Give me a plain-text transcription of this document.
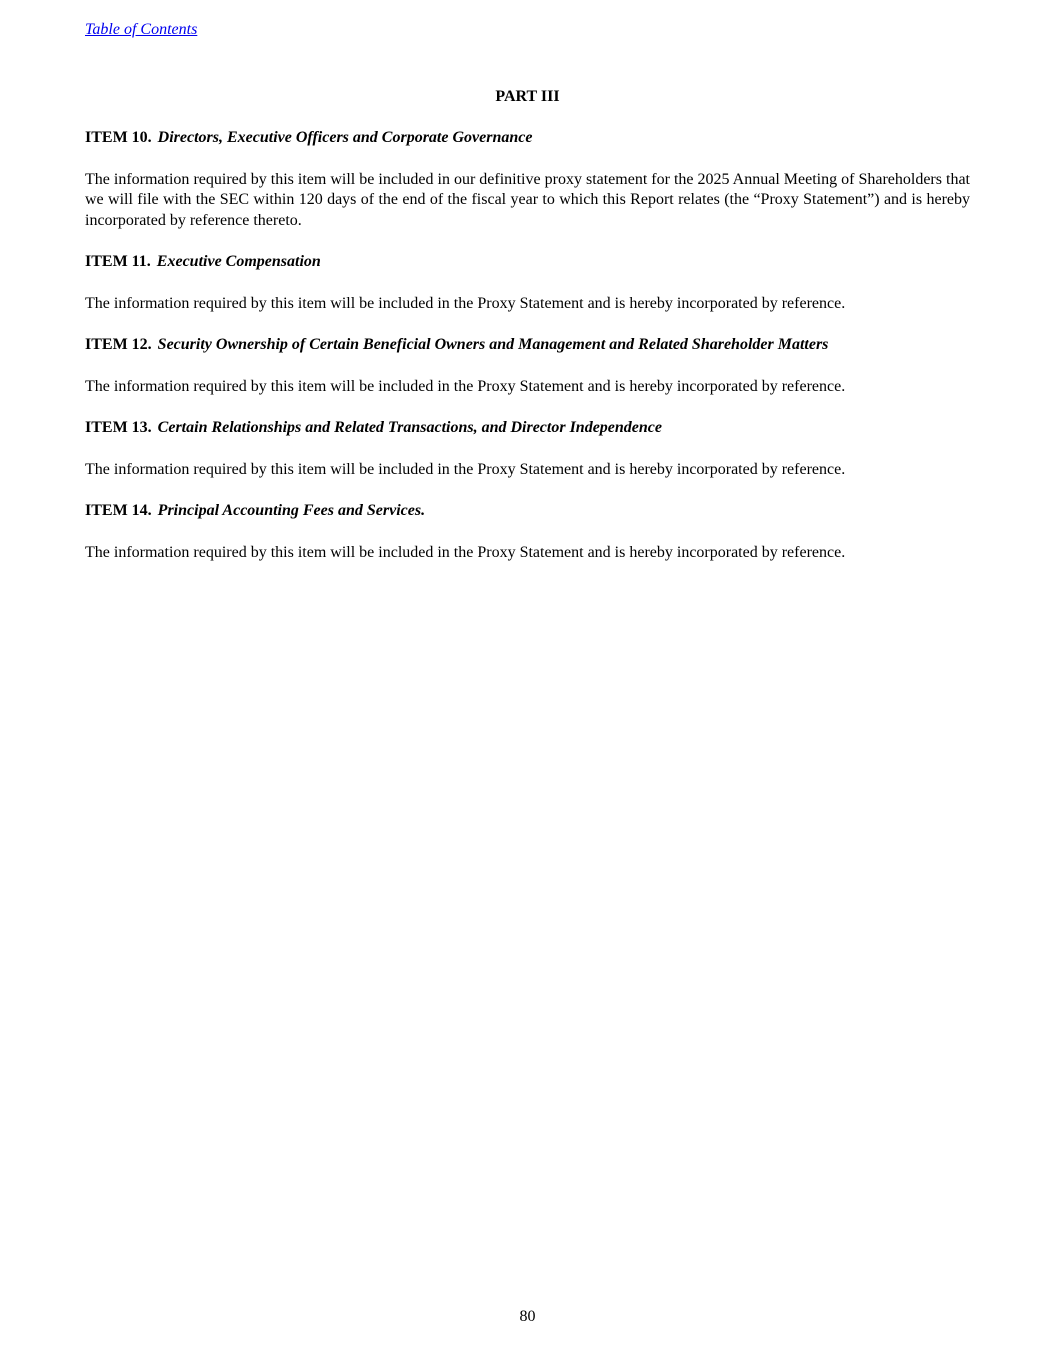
Table of Contents
PART III

ITEM 10. Directors, Executive Officers and Corporate Governance

The information required by this item will be included in our definitive proxy statement for the 2025 Annual Meeting of Shareholders that we will file with the SEC within 120 days of the end of the fiscal year to which this Report relates (the “Proxy Statement”) and is hereby incorporated by reference thereto.

ITEM 11. Executive Compensation

The information required by this item will be included in the Proxy Statement and is hereby incorporated by reference.

ITEM 12. Security Ownership of Certain Beneficial Owners and Management and Related Shareholder Matters

The information required by this item will be included in the Proxy Statement and is hereby incorporated by reference.

ITEM 13. Certain Relationships and Related Transactions, and Director Independence

The information required by this item will be included in the Proxy Statement and is hereby incorporated by reference.

ITEM 14. Principal Accounting Fees and Services.

The information required by this item will be included in the Proxy Statement and is hereby incorporated by reference.

80
